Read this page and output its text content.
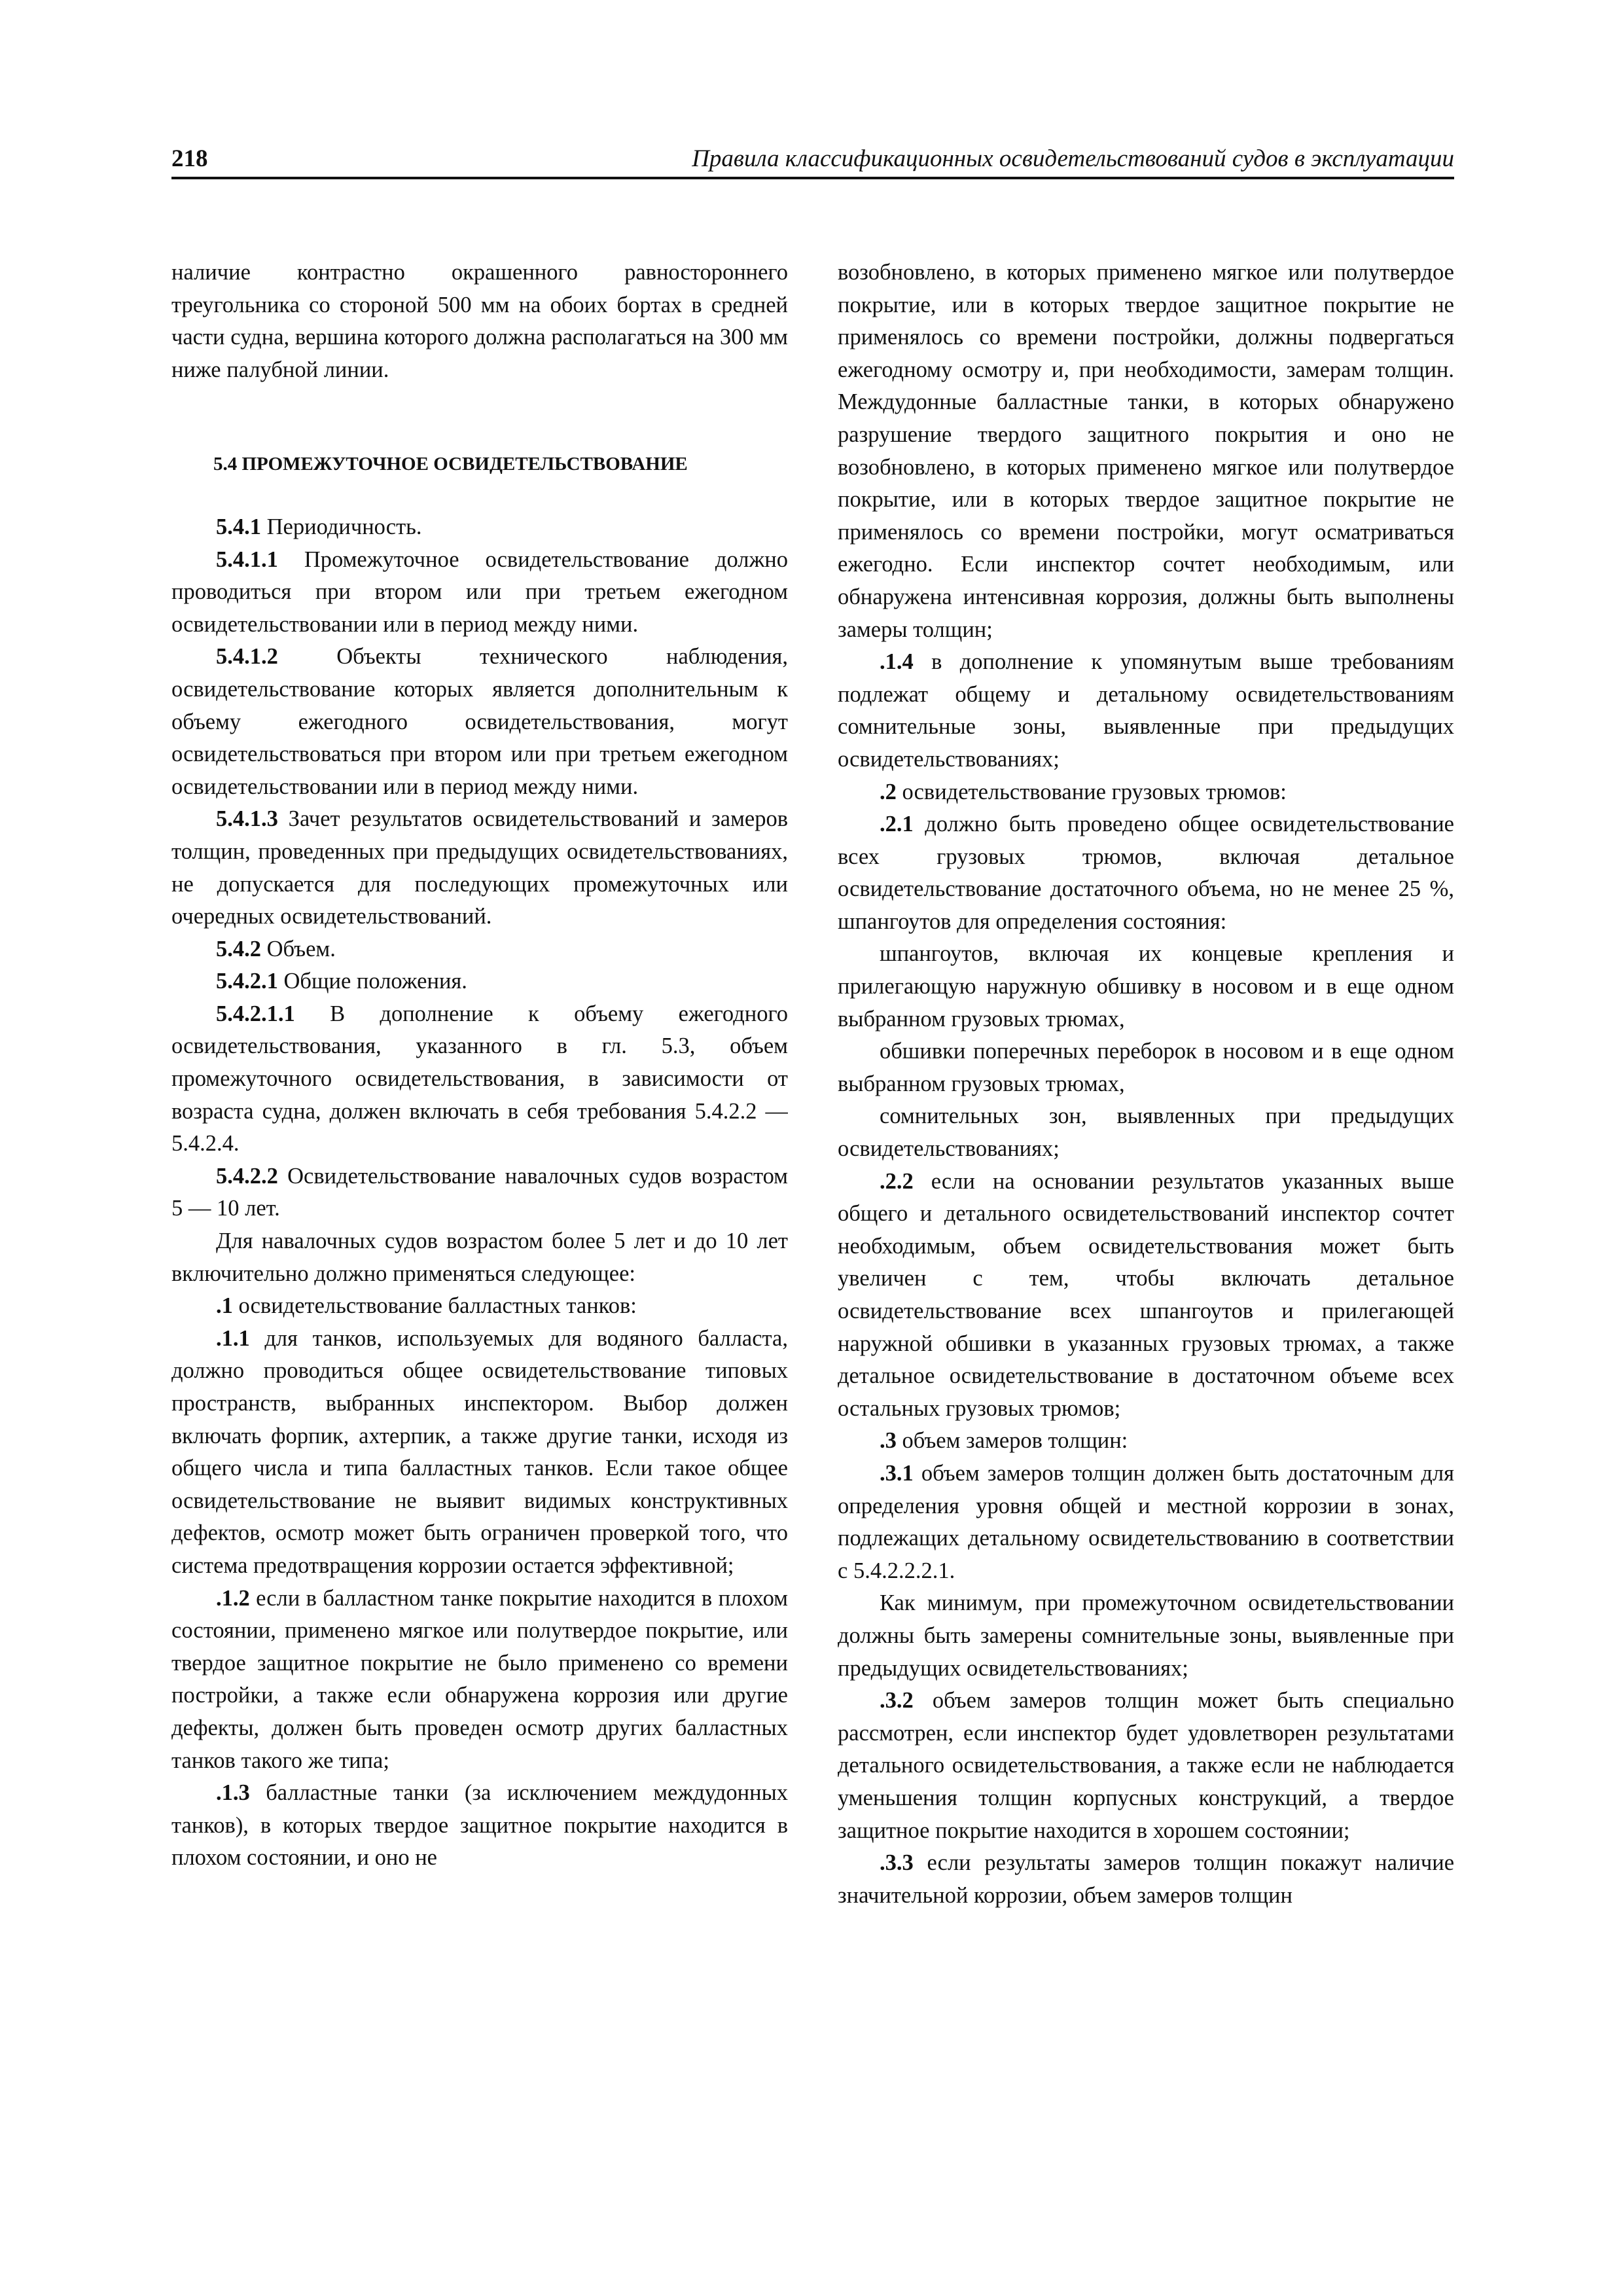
218	Правила классификационных освидетельствований судов в эксплуатации

наличие контрастно окрашенного равностороннего треугольника со стороной 500 мм на обоих бортах в средней части судна, вершина которого должна располагаться на 300 мм ниже палубной линии.

5.4 ПРОМЕЖУТОЧНОЕ ОСВИДЕТЕЛЬСТВОВАНИЕ

5.4.1 Периодичность.

5.4.1.1 Промежуточное освидетельствование должно проводиться при втором или при третьем ежегодном освидетельствовании или в период между ними.

5.4.1.2	Объекты технического наблюдения, освидетельствование которых является дополнительным к объему ежегодного освидетельствования, могут освидетельствоваться при втором или при третьем ежегодном освидетельствовании или в период между ними.

5.4.1.3 Зачет результатов освидетельствований и замеров толщин, проведенных при предыдущих освидетельствованиях, не допускается для последующих промежуточных или очередных освидетельствований.

5.4.2 Объем.

5.4.2.1 Общие положения.

5.4.2.1.1 В дополнение к объему ежегодного освидетельствования, указанного в гл. 5.3, объем промежуточного освидетельствования, в зависимости от возраста судна, должен включать в себя требования 5.4.2.2 — 5.4.2.4.

5.4.2.2 Освидетельствование навалочных судов возрастом 5 — 10 лет.

Для навалочных судов возрастом более 5 лет и до 10 лет включительно должно применяться следующее:

.1 освидетельствование балластных танков:

.1.1 для танков, используемых для водяного балласта, должно проводиться общее освидетельствование типовых пространств, выбранных инспектором. Выбор должен включать форпик, ахтерпик, а также другие танки, исходя из общего числа и типа балластных танков. Если такое общее освидетельствование не выявит видимых конструктивных дефектов, осмотр может быть ограничен проверкой того, что система предотвращения коррозии остается эффективной;

.1.2 если в балластном танке покрытие находится в плохом состоянии, применено мягкое или полутвердое покрытие, или твердое защитное покрытие не было применено со времени постройки, а также если обнаружена коррозия или другие дефекты, должен быть проведен осмотр других балластных танков такого же типа;

.1.3 балластные танки (за исключением междудонных танков), в которых твердое защитное покрытие находится в плохом состоянии, и оно не

возобновлено, в которых применено мягкое или полутвердое покрытие, или в которых твердое защитное покрытие не применялось со времени постройки, должны подвергаться ежегодному осмотру и, при необходимости, замерам толщин. Междудонные балластные танки, в которых обнаружено разрушение твердого защитного покрытия и оно не возобновлено, в которых применено мягкое или полутвердое покрытие, или в которых твердое защитное покрытие не применялось со времени постройки, могут осматриваться ежегодно. Если инспектор сочтет необходимым, или обнаружена интенсивная коррозия, должны быть выполнены замеры толщин;

.1.4 в дополнение к упомянутым выше требованиям подлежат общему и детальному освидетельствованиям сомнительные зоны, выявленные при предыдущих освидетельствованиях;

.2 освидетельствование грузовых трюмов:

.2.1 должно быть проведено общее освидетельствование всех грузовых трюмов, включая детальное освидетельствование достаточного объема, но не менее 25 %, шпангоутов для определения состояния:

шпангоутов, включая их концевые крепления и прилегающую наружную обшивку в носовом и в еще одном выбранном грузовых трюмах,

обшивки поперечных переборок в носовом и в еще одном выбранном грузовых трюмах,

сомнительных зон, выявленных при предыдущих освидетельствованиях;

.2.2 если на основании результатов указанных выше общего и детального освидетельствований инспектор сочтет необходимым, объем освидетельствования может быть увеличен с тем, чтобы включать детальное освидетельствование всех шпангоутов и прилегающей наружной обшивки в указанных грузовых трюмах, а также детальное освидетельствование в достаточном объеме всех остальных грузовых трюмов;

.3 объем замеров толщин:

.3.1 объем замеров толщин должен быть достаточным для определения уровня общей и местной коррозии в зонах, подлежащих детальному освидетельствованию в соответствии с 5.4.2.2.2.1.

Как минимум, при промежуточном освидетельствовании должны быть замерены сомнительные зоны, выявленные при предыдущих освидетельствованиях;

.3.2 объем замеров толщин может быть специально рассмотрен, если инспектор будет удовлетворен результатами детального освидетельствования, а также если не наблюдается уменьшения толщин корпусных конструкций, а твердое защитное покрытие находится в хорошем состоянии;

.3.3 если результаты замеров толщин покажут наличие значительной коррозии, объем замеров толщин
